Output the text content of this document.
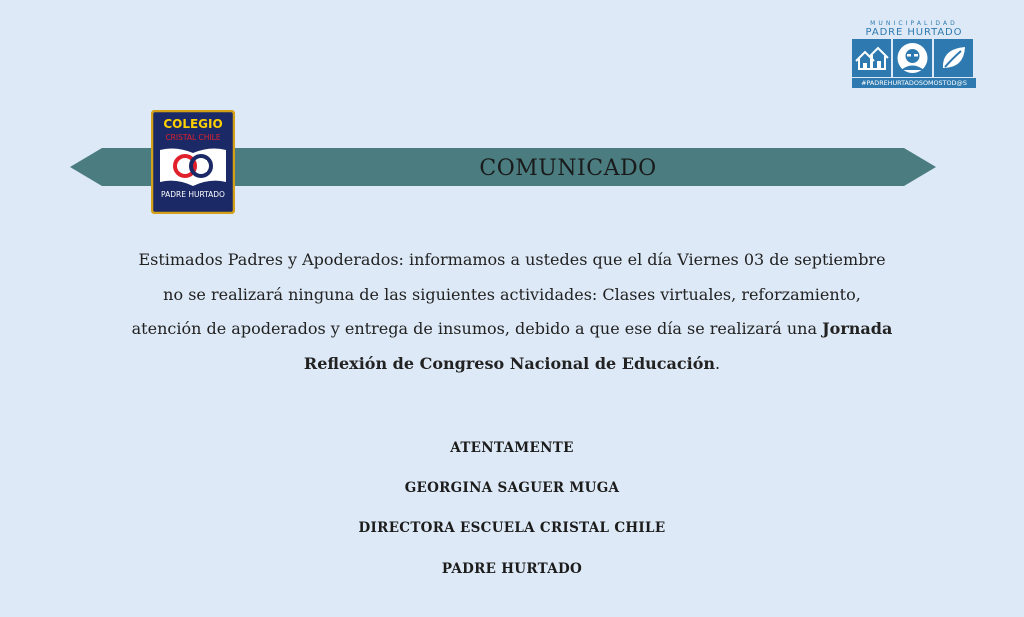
MUNICIPALIDAD
PADRE HURTADO
#PADREHURTADOSOMOSTOD@S
COMUNICADO
COLEGIO
CRISTAL CHILE
PADRE HURTADO
Estimados Padres y Apoderados: informamos a ustedes que el día Viernes 03 de septiembre no se realizará ninguna de las siguientes actividades: Clases virtuales, reforzamiento, atención de apoderados y entrega de insumos, debido a que ese día se realizará una Jornada Reflexión de Congreso Nacional de Educación.
ATENTAMENTE
GEORGINA SAGUER MUGA
DIRECTORA ESCUELA CRISTAL CHILE
PADRE HURTADO
